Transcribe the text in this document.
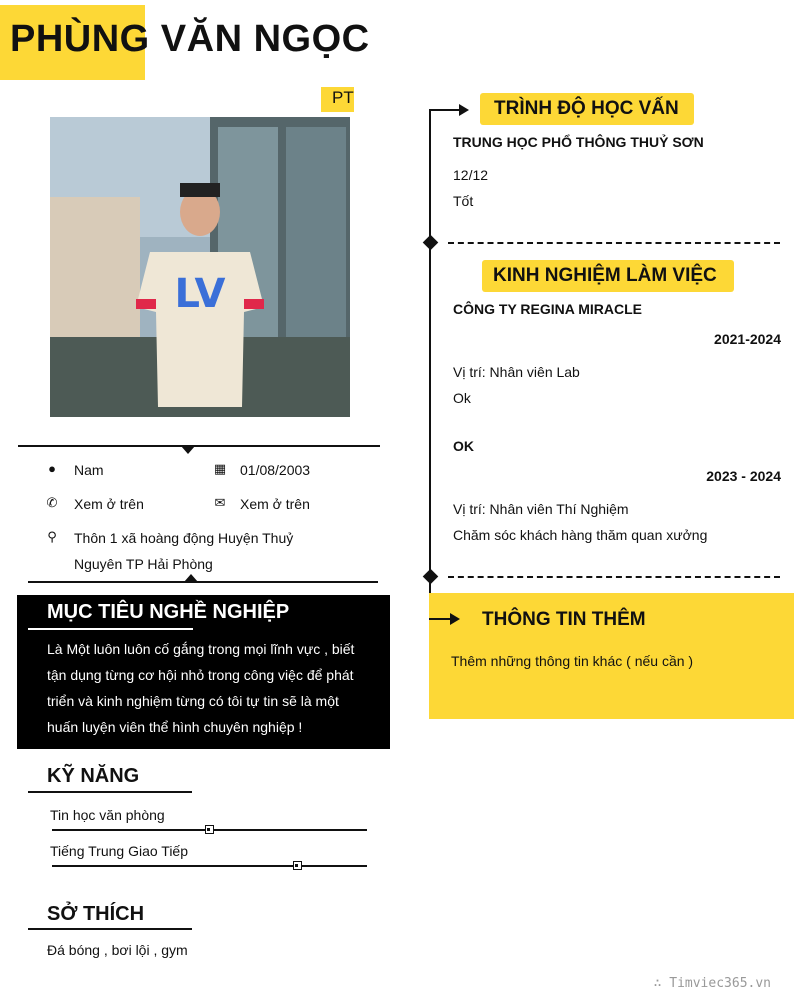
PHÙNG VĂN NGỌC
PT
LV
● Nam	▦ 01/08/2003
✆ Xem ở trên	✉ Xem ở trên
⚲ Thôn 1 xã hoàng động Huyện Thuỷ
Nguyên TP Hải Phòng
MỤC TIÊU NGHỀ NGHIỆP
Là Một luôn luôn cố gắng trong mọi lĩnh vực , biết
tận dụng từng cơ hội nhỏ trong công việc để phát
triển và kinh nghiệm từng có tôi tự tin sẽ là một
huấn luyện viên thể hình chuyên nghiệp !
KỸ NĂNG
Tin học văn phòng
Tiếng Trung Giao Tiếp
SỞ THÍCH
Đá bóng , bơi lội , gym
TRÌNH ĐỘ HỌC VẤN
TRUNG HỌC PHỔ THÔNG THUỶ SƠN
12/12
Tốt
KINH NGHIỆM LÀM VIỆC
CÔNG TY REGINA MIRACLE
2021-2024
Vị trí: Nhân viên Lab
Ok
OK
2023 - 2024
Vị trí: Nhân viên Thí Nghiệm
Chăm sóc khách hàng thăm quan xưởng
THÔNG TIN THÊM
Thêm những thông tin khác ( nếu cần )
∴ Timviec365.vn
